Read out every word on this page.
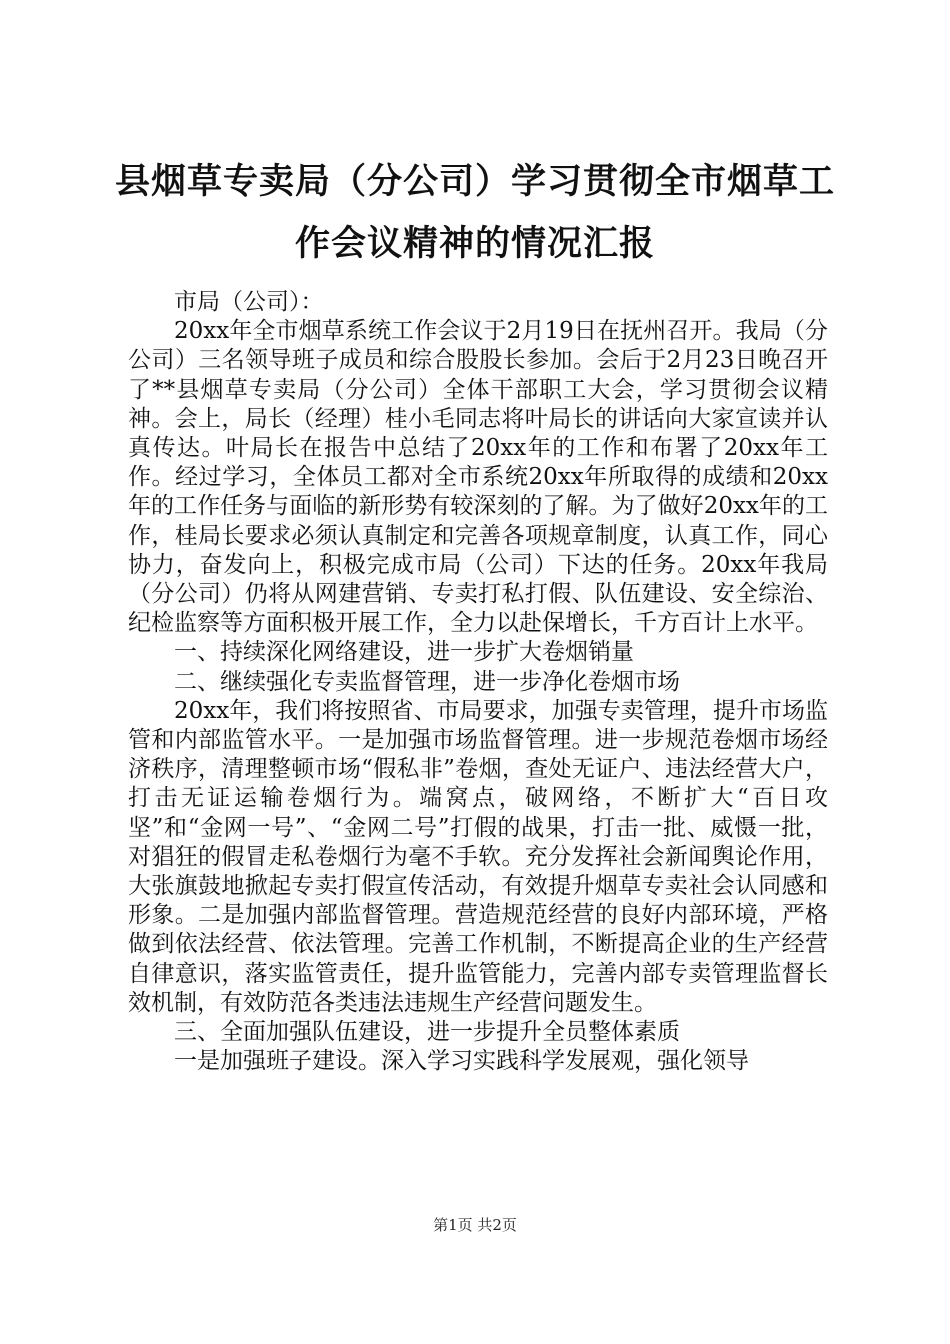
县烟草专卖局（分公司）学习贯彻全市烟草工
作会议精神的情况汇报

市局（公司）：

20xx年全市烟草系统工作会议于2月19日在抚州召开。我局（分公司）三名领导班子成员和综合股股长参加。会后于2月23日晚召开了**县烟草专卖局（分公司）全体干部职工大会，学习贯彻会议精神。会上，局长（经理）桂小毛同志将叶局长的讲话向大家宣读并认真传达。叶局长在报告中总结了20xx年的工作和布署了20xx年工作。经过学习，全体员工都对全市系统20xx年所取得的成绩和20xx年的工作任务与面临的新形势有较深刻的了解。为了做好20xx年的工作，桂局长要求必须认真制定和完善各项规章制度，认真工作，同心协力，奋发向上，积极完成市局（公司）下达的任务。20xx年我局（分公司）仍将从网建营销、专卖打私打假、队伍建设、安全综治、纪检监察等方面积极开展工作，全力以赴保增长，千方百计上水平。

一、持续深化网络建设，进一步扩大卷烟销量

二、继续强化专卖监督管理，进一步净化卷烟市场

20xx年，我们将按照省、市局要求，加强专卖管理，提升市场监管和内部监管水平。一是加强市场监督管理。进一步规范卷烟市场经济秩序，清理整顿市场“假私非”卷烟，查处无证户、违法经营大户，打击无证运输卷烟行为。端窝点，破网络，不断扩大“百日攻坚”和“金网一号”、“金网二号”打假的战果，打击一批、威慑一批，对猖狂的假冒走私卷烟行为毫不手软。充分发挥社会新闻舆论作用，大张旗鼓地掀起专卖打假宣传活动，有效提升烟草专卖社会认同感和形象。二是加强内部监督管理。营造规范经营的良好内部环境，严格做到依法经营、依法管理。完善工作机制，不断提高企业的生产经营自律意识，落实监管责任，提升监管能力，完善内部专卖管理监督长效机制，有效防范各类违法违规生产经营问题发生。

三、全面加强队伍建设，进一步提升全员整体素质

一是加强班子建设。深入学习实践科学发展观，强化领导

第1页 共2页
